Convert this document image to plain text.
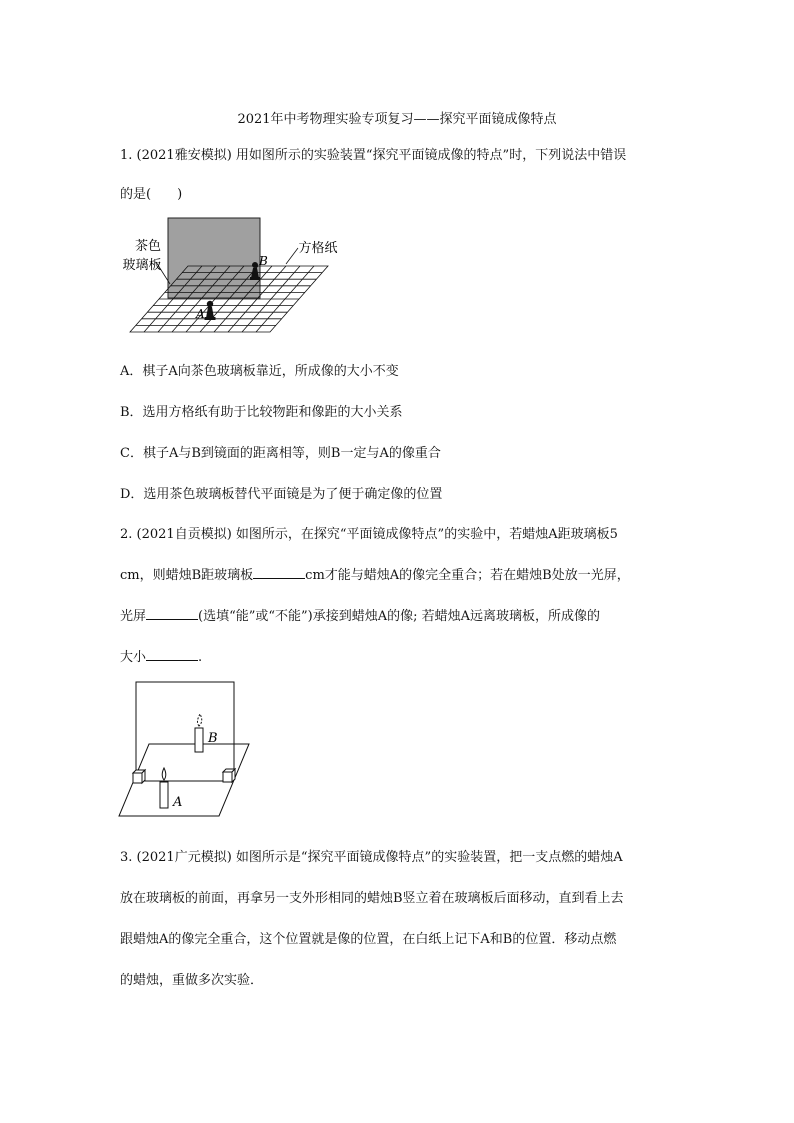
2021年中考物理实验专项复习——探究平面镜成像特点
1. (2021雅安模拟) 用如图所示的实验装置“探究平面镜成像的特点”时，下列说法中错误
的是(　　)
茶色
玻璃板
方格纸
A
B
A．棋子A向茶色玻璃板靠近，所成像的大小不变
B．选用方格纸有助于比较物距和像距的大小关系
C．棋子A与B到镜面的距离相等，则B一定与A的像重合
D．选用茶色玻璃板替代平面镜是为了便于确定像的位置
2. (2021自贡模拟) 如图所示，在探究“平面镜成像特点”的实验中，若蜡烛A距玻璃板5
cm，则蜡烛B距玻璃板	cm才能与蜡烛A的像完全重合；若在蜡烛B处放一光屏，
光屏	(选填“能”或“不能”)承接到蜡烛A的像; 若蜡烛A远离玻璃板，所成像的
大小	.
B
A
3. (2021广元模拟) 如图所示是“探究平面镜成像特点”的实验装置，把一支点燃的蜡烛A
放在玻璃板的前面，再拿另一支外形相同的蜡烛B竖立着在玻璃板后面移动，直到看上去
跟蜡烛A的像完全重合，这个位置就是像的位置，在白纸上记下A和B的位置．移动点燃
的蜡烛，重做多次实验．
